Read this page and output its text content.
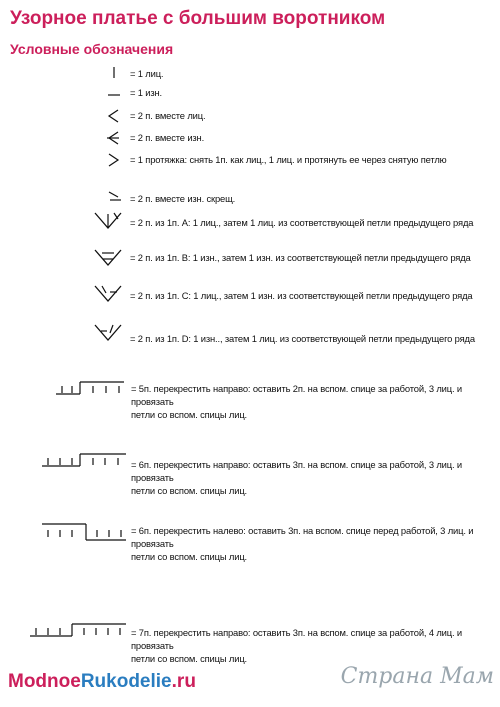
Узорное платье с большим воротником
Условные обозначения
= 1 лиц.
= 1 изн.
= 2 п. вместе лиц.
= 2 п. вместе изн.
= 1 протяжка: снять 1п. как лиц., 1 лиц. и протянуть ее через снятую петлю
= 2 п. вместе изн. скрещ.
= 2 п. из 1п. А: 1 лиц., затем 1 лиц. из соответствующей петли предыдущего ряда
= 2 п. из 1п. В: 1 изн., затем 1 изн. из соответствующей петли предыдущего ряда
= 2 п. из 1п. С: 1 лиц., затем 1 изн. из соответствующей петли предыдущего ряда
= 2 п. из 1п. D: 1 изн.., затем 1 лиц. из соответствующей петли предыдущего ряда
= 5п. перекрестить направо: оставить 2п. на вспом. спице за работой, 3 лиц. и провязать
петли со вспом. спицы лиц.
= 6п. перекрестить направо: оставить 3п. на вспом. спице за работой, 3 лиц. и провязать
петли со вспом. спицы лиц.
= 6п. перекрестить налево: оставить 3п. на вспом. спице перед работой, 3 лиц. и провязать
петли со вспом. спицы лиц.
= 7п. перекрестить направо: оставить 3п. на вспом. спице за работой, 4 лиц. и провязать
петли со вспом. спицы лиц.
ModnoeRukodelie.ru	Страна Мам
